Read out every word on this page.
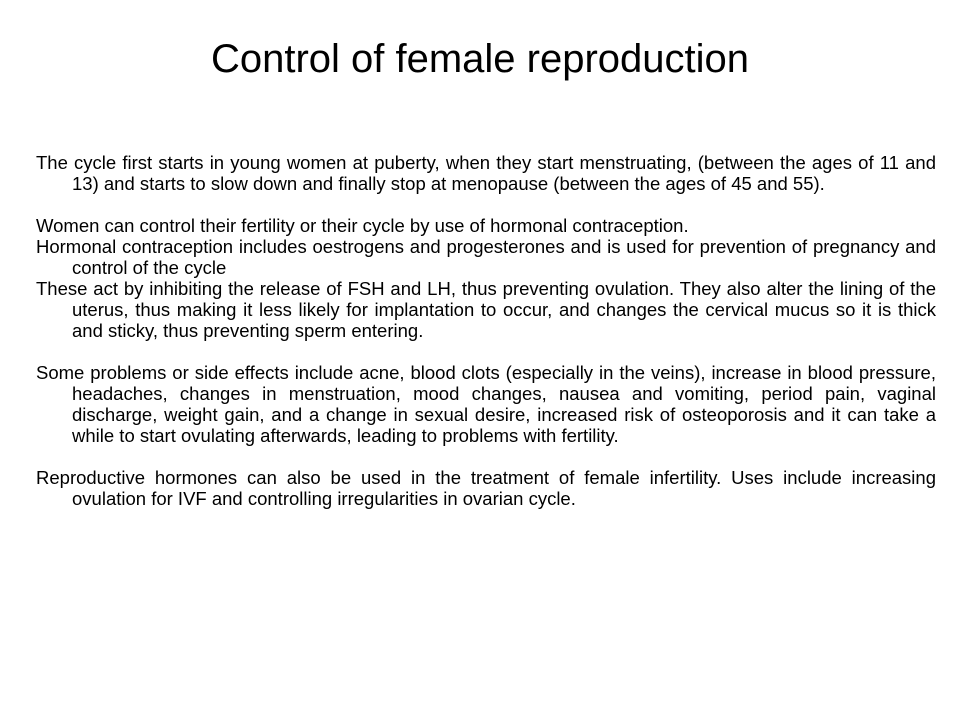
Control of female reproduction

The cycle first starts in young women at puberty, when they start menstruating, (between the ages of 11 and 13) and starts to slow down and finally stop at menopause (between the ages of 45 and 55).

Women can control their fertility or their cycle by use of hormonal contraception.

Hormonal contraception includes oestrogens and progesterones and is used for prevention of pregnancy and control of the cycle

These act by inhibiting the release of FSH and LH, thus preventing ovulation. They also alter the lining of the uterus, thus making it less likely for implantation to occur, and changes the cervical mucus so it is thick and sticky, thus preventing sperm entering.

Some problems or side effects include acne, blood clots (especially in the veins), increase in blood pressure, headaches, changes in menstruation, mood changes, nausea and vomiting, period pain, vaginal discharge, weight gain, and a change in sexual desire, increased risk of osteoporosis and it can take a while to start ovulating afterwards, leading to problems with fertility.

Reproductive hormones can also be used in the treatment of female infertility. Uses include increasing ovulation for IVF and controlling irregularities in ovarian cycle.
